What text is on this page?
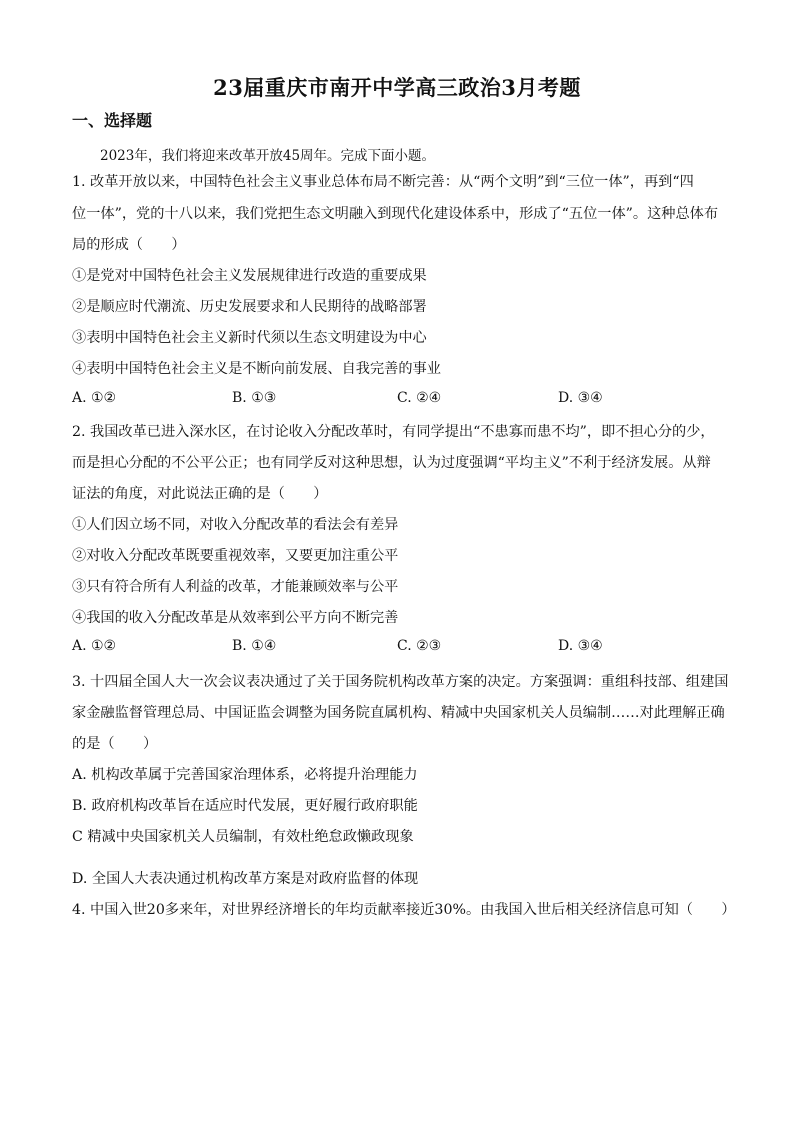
23届重庆市南开中学高三政治3月考题
一、选择题
2023年，我们将迎来改革开放45周年。完成下面小题。
1. 改革开放以来，中国特色社会主义事业总体布局不断完善：从“两个文明”到“三位一体”，再到“四
位一体”，党的十八以来，我们党把生态文明融入到现代化建设体系中，形成了“五位一体”。这种总体布
局的形成（　　）
①是党对中国特色社会主义发展规律进行改造的重要成果
②是顺应时代潮流、历史发展要求和人民期待的战略部署
③表明中国特色社会主义新时代须以生态文明建设为中心
④表明中国特色社会主义是不断向前发展、自我完善的事业
A. ①②	B. ①③	C. ②④	D. ③④
2. 我国改革已进入深水区，在讨论收入分配改革时，有同学提出“不患寡而患不均”，即不担心分的少，
而是担心分配的不公平公正；也有同学反对这种思想，认为过度强调“平均主义”不利于经济发展。从辩
证法的角度，对此说法正确的是（　　）
①人们因立场不同，对收入分配改革的看法会有差异
②对收入分配改革既要重视效率，又要更加注重公平
③只有符合所有人利益的改革，才能兼顾效率与公平
④我国的收入分配改革是从效率到公平方向不断完善
A. ①②	B. ①④	C. ②③	D. ③④
3. 十四届全国人大一次会议表决通过了关于国务院机构改革方案的决定。方案强调：重组科技部、组建国
家金融监督管理总局、中国证监会调整为国务院直属机构、精减中央国家机关人员编制……对此理解正确
的是（　　）
A. 机构改革属于完善国家治理体系，必将提升治理能力
B. 政府机构改革旨在适应时代发展，更好履行政府职能
C 精减中央国家机关人员编制，有效杜绝怠政懒政现象
D. 全国人大表决通过机构改革方案是对政府监督的体现
4. 中国入世20多来年，对世界经济增长的年均贡献率接近30%。由我国入世后相关经济信息可知（　　）
